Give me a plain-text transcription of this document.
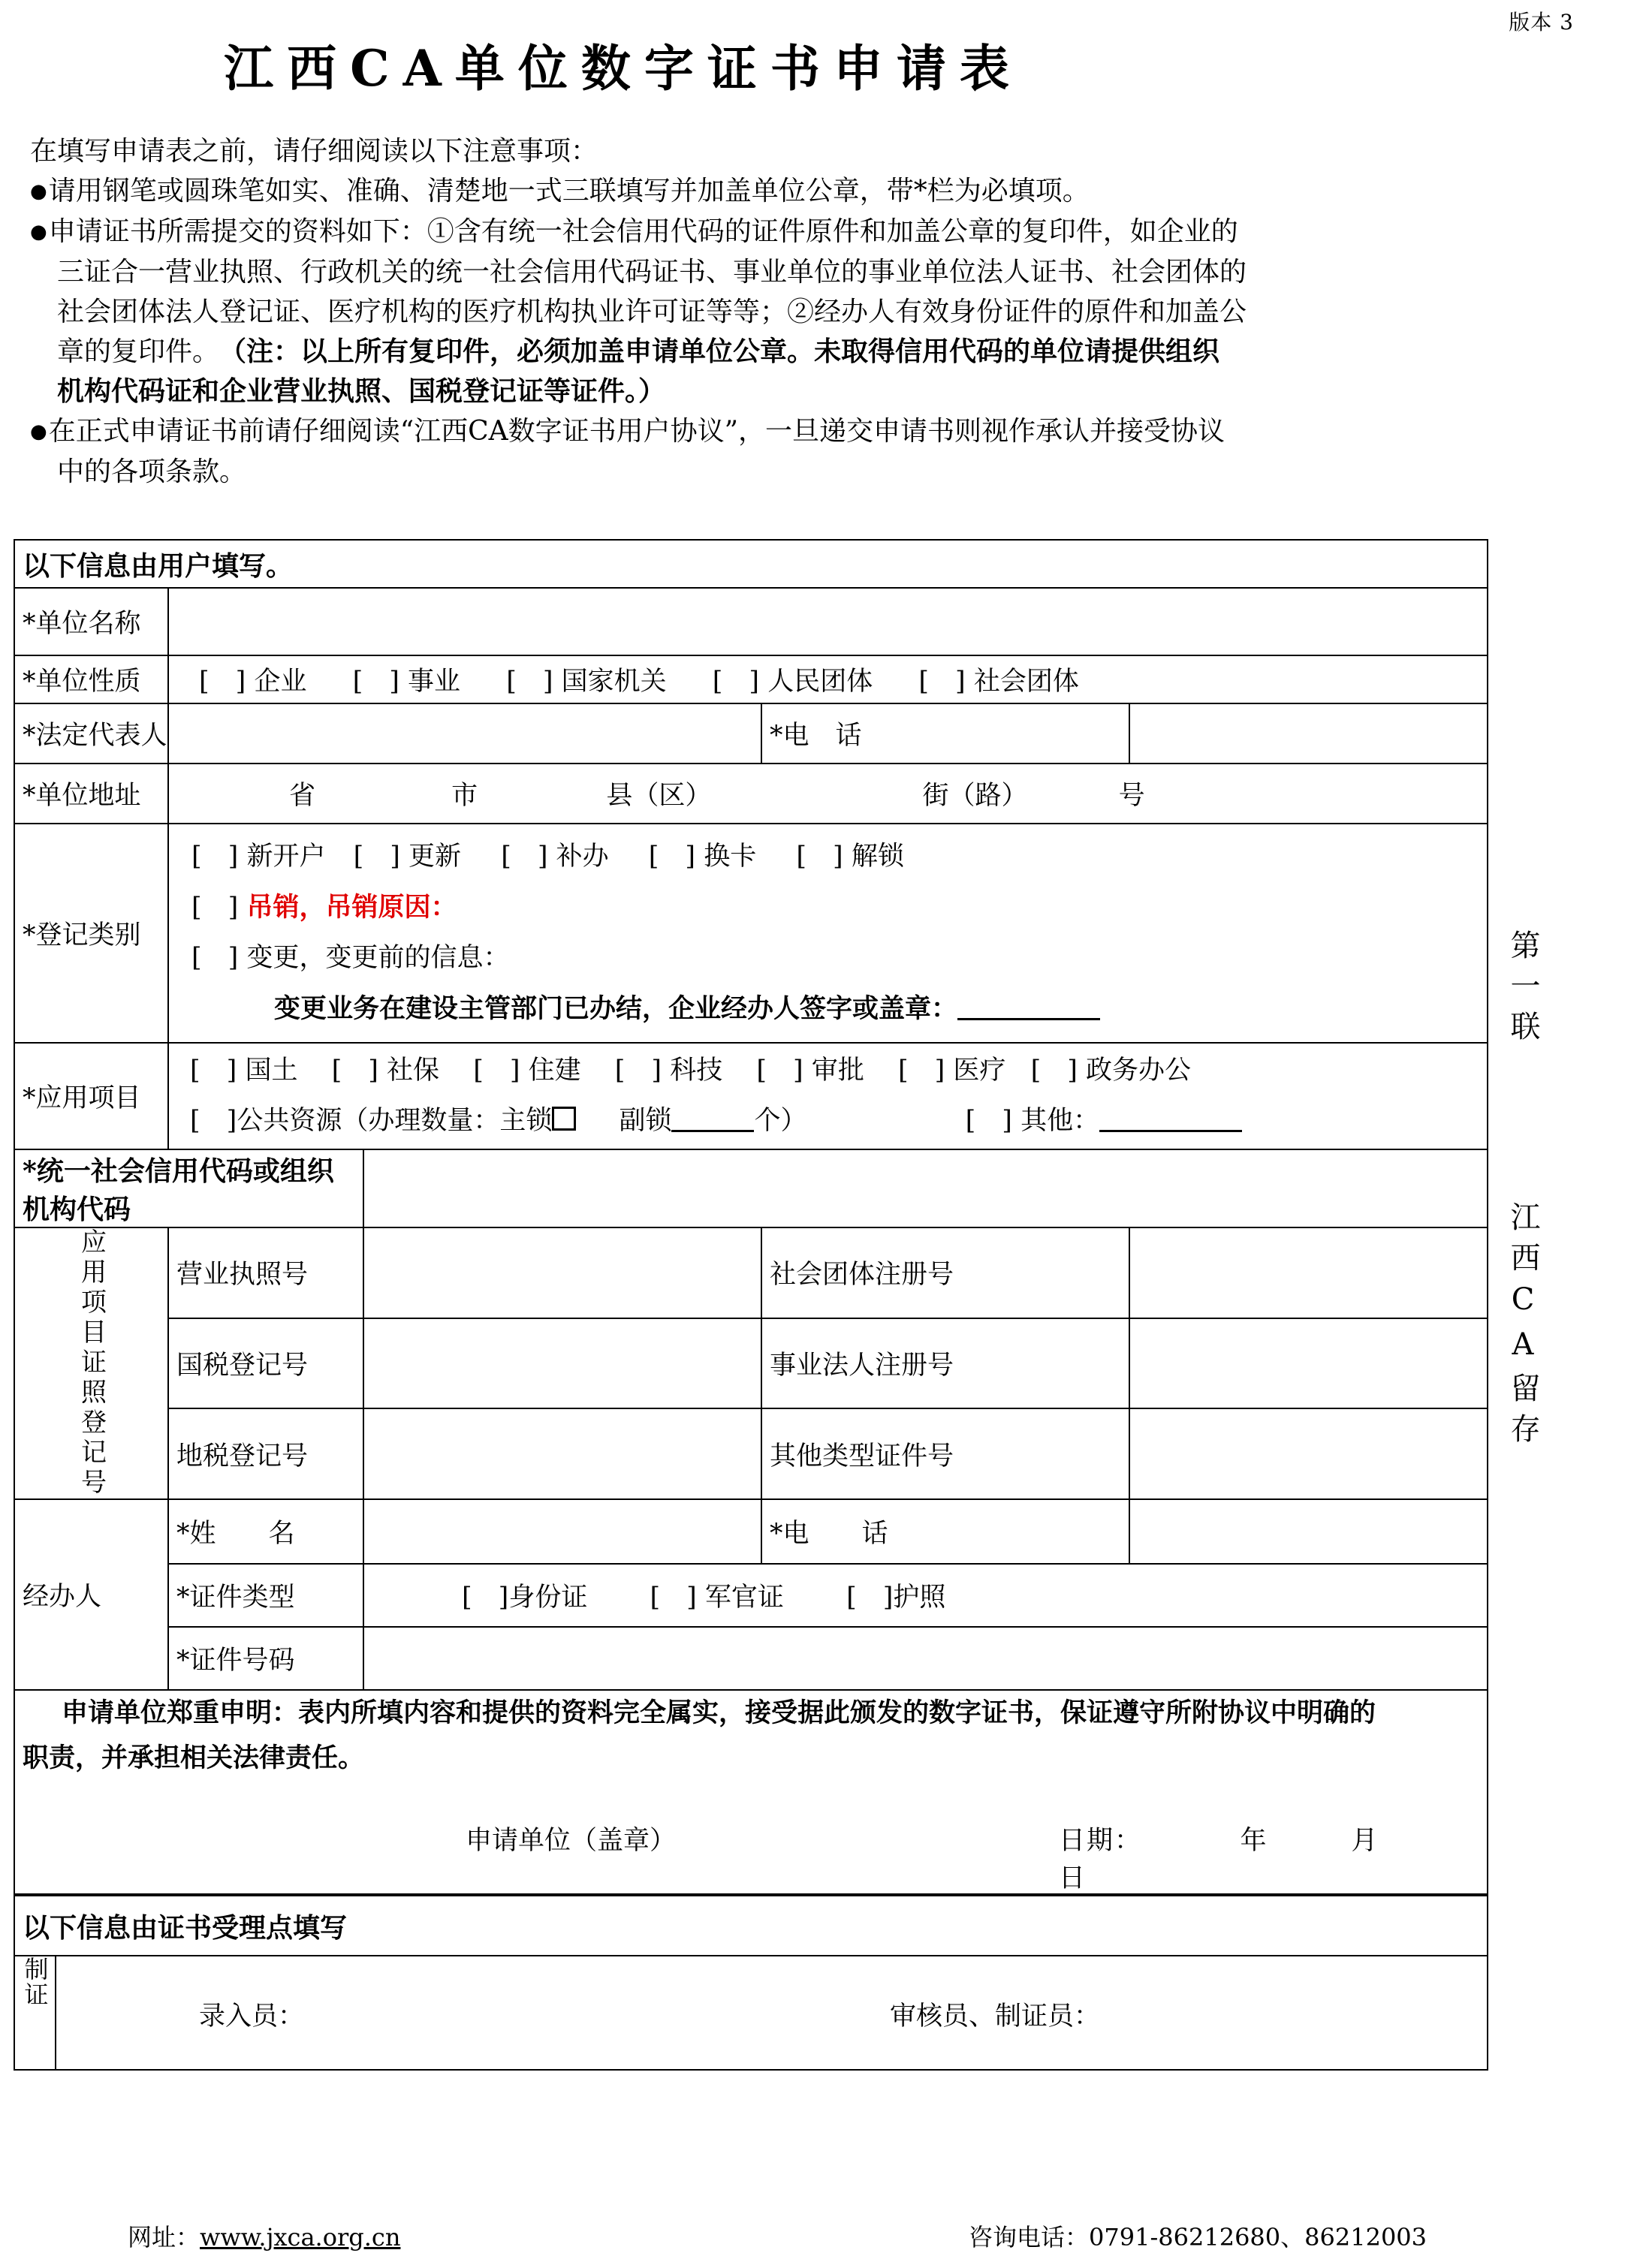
版本 3
江西CA单位数字证书申请表
在填写申请表之前，请仔细阅读以下注意事项：
●请用钢笔或圆珠笔如实、准确、清楚地一式三联填写并加盖单位公章，带*栏为必填项。
●申请证书所需提交的资料如下：①含有统一社会信用代码的证件原件和加盖公章的复印件，如企业的
三证合一营业执照、行政机关的统一社会信用代码证书、事业单位的事业单位法人证书、社会团体的
社会团体法人登记证、医疗机构的医疗机构执业许可证等等；②经办人有效身份证件的原件和加盖公
章的复印件。　 （注：以上所有复印件，必须加盖申请单位公章。未取得信用代码的单位请提供组织
机构代码证和企业营业执照、国税登记证等证件。）
●在正式申请证书前请仔细阅读“江西CA数字证书用户协议”，一旦递交申请书则视作承认并接受协议
中的各项条款。
以下信息由用户填写。					
*单位名称					
*单位性质		[　] 企业 [　] 事业 [　] 国家机关 [　] 人民团体 [　] 社会团体			
*法定代表人				*电　话	
*单位地址		省 市 县（区） 街（路） 号			
*登记类别		[　] 新开户 [　] 更新 [　] 补办 [　] 换卡 [　] 解锁
[　] 吊销，吊销原因：
[　] 变更，变更前的信息：
变更业务在建设主管部门已办结，企业经办人签字或盖章：			

*应用项目		[　] 国土 [　] 社保 [　] 住建 [　] 科技 [　] 审批 [　] 医疗 [　] 政务办公
[　]公共资源（办理数量：主锁 副锁 个） [　] 其他：			

*统一社会信用代码或组织机构代码					
应用项目证照登记号		营业执照号		社会团体注册号	
		国税登记号		事业法人注册号	
		地税登记号		其他类型证件号	
经办人		*姓　　名		*电　　话	
		*证件类型	[　]身份证 [　] 军官证 [　]护照		
		*证件号码			

申请单位郑重申明：表内所填内容和提供的资料完全属实，接受据此颁发的数字证书，保证遵守所附协议中明确的
职责，并承担相关法律责任。					

申请单位（盖章） 日期：　　　　年　　　月　　　日					

以下信息由证书受理点填写					
制证	录入员： 审核员、制证员：				
第一联
江西CA留存
网址：www.jxca.org.cn	咨询电话：0791-86212680、86212003
